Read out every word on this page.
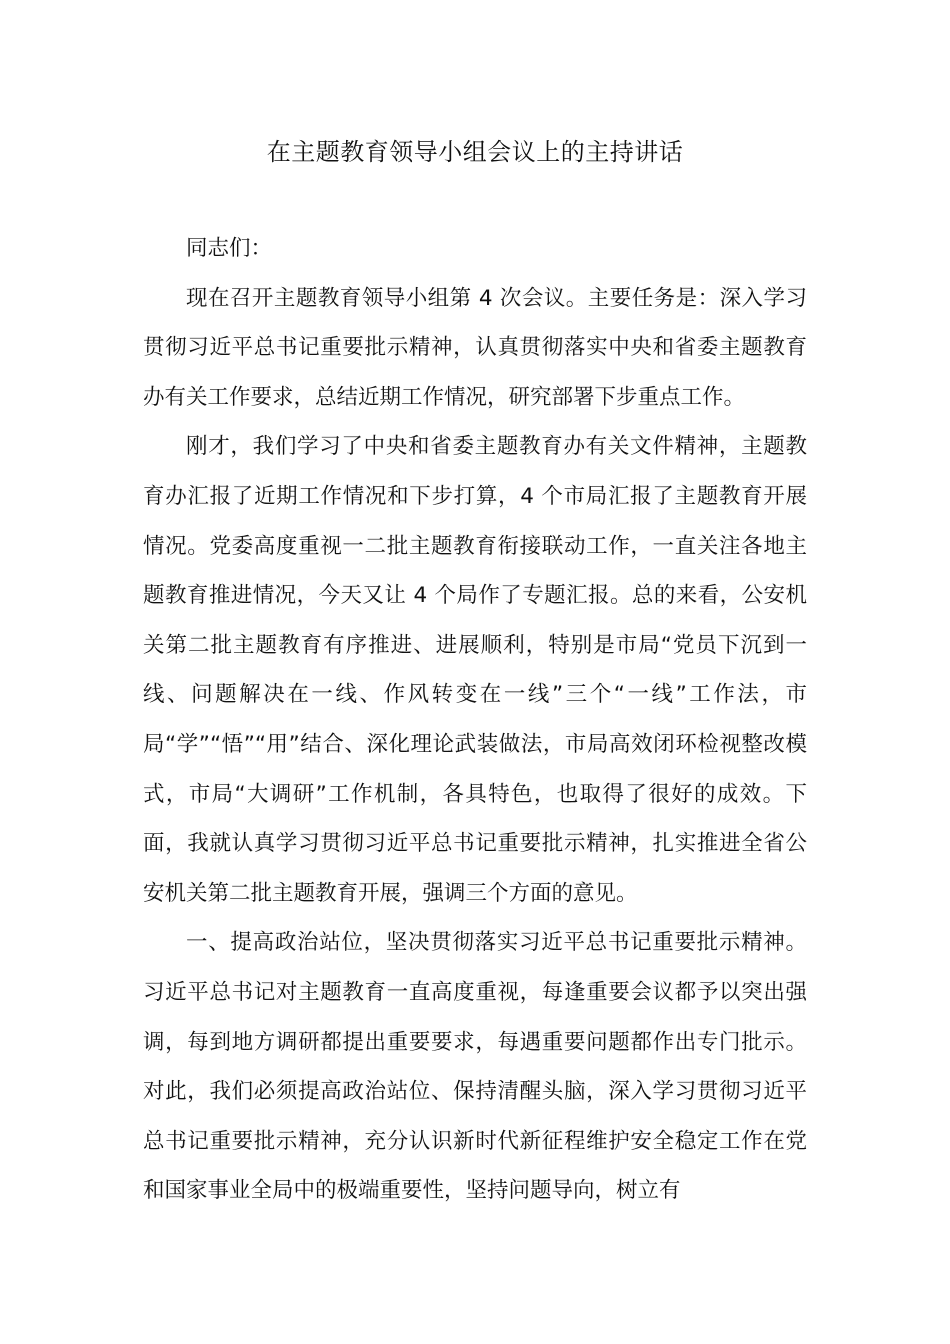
在主题教育领导小组会议上的主持讲话

同志们：

现在召开主题教育领导小组第 4 次会议。主要任务是：深入学习贯彻习近平总书记重要批示精神，认真贯彻落实中央和省委主题教育办有关工作要求，总结近期工作情况，研究部署下步重点工作。

刚才，我们学习了中央和省委主题教育办有关文件精神，主题教育办汇报了近期工作情况和下步打算，4 个市局汇报了主题教育开展情况。党委高度重视一二批主题教育衔接联动工作，一直关注各地主题教育推进情况，今天又让 4 个局作了专题汇报。总的来看，公安机关第二批主题教育有序推进、进展顺利，特别是市局“党员下沉到一线、问题解决在一线、作风转变在一线”三个“一线”工作法，市局“学”“悟”“用”结合、深化理论武装做法，市局高效闭环检视整改模式，市局“大调研”工作机制，各具特色，也取得了很好的成效。下面，我就认真学习贯彻习近平总书记重要批示精神，扎实推进全省公安机关第二批主题教育开展，强调三个方面的意见。

一、提高政治站位，坚决贯彻落实习近平总书记重要批示精神。习近平总书记对主题教育一直高度重视，每逢重要会议都予以突出强调，每到地方调研都提出重要要求，每遇重要问题都作出专门批示。对此，我们必须提高政治站位、保持清醒头脑，深入学习贯彻习近平总书记重要批示精神，充分认识新时代新征程维护安全稳定工作在党和国家事业全局中的极端重要性，坚持问题导向，树立有
